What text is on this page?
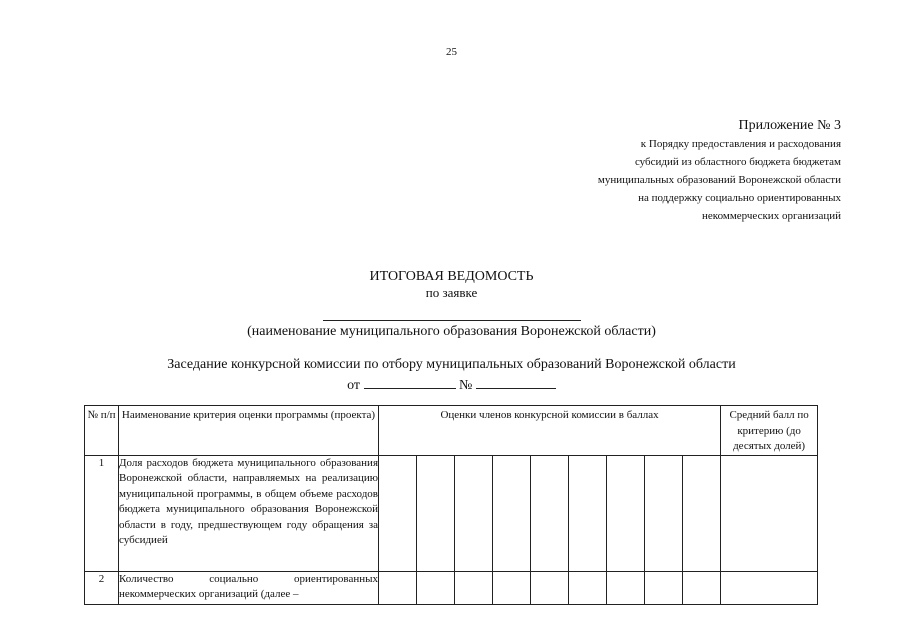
25
Приложение № 3
к Порядку предоставления и расходования
субсидий из областного бюджета бюджетам
муниципальных образований Воронежской области
на поддержку социально ориентированных
некоммерческих организаций
ИТОГОВАЯ ВЕДОМОСТЬ
по заявке
(наименование муниципального образования Воронежской области)
Заседание конкурсной комиссии по отбору муниципальных образований Воронежской области
от	№
№ п/п	Наименование критерия оценки программы (проекта)	Оценки членов конкурсной комиссии в баллах									Средний балл по критерию (до десятых долей)
1	Доля расходов бюджета муниципального образования Воронежской области, направляемых на реализацию муниципальной программы, в общем объеме расходов бюджета муниципального образования Воронежской области в году, предшествующем году обращения за субсидией										
2	Количество социально ориентированных некоммерческих организаций (далее –										
